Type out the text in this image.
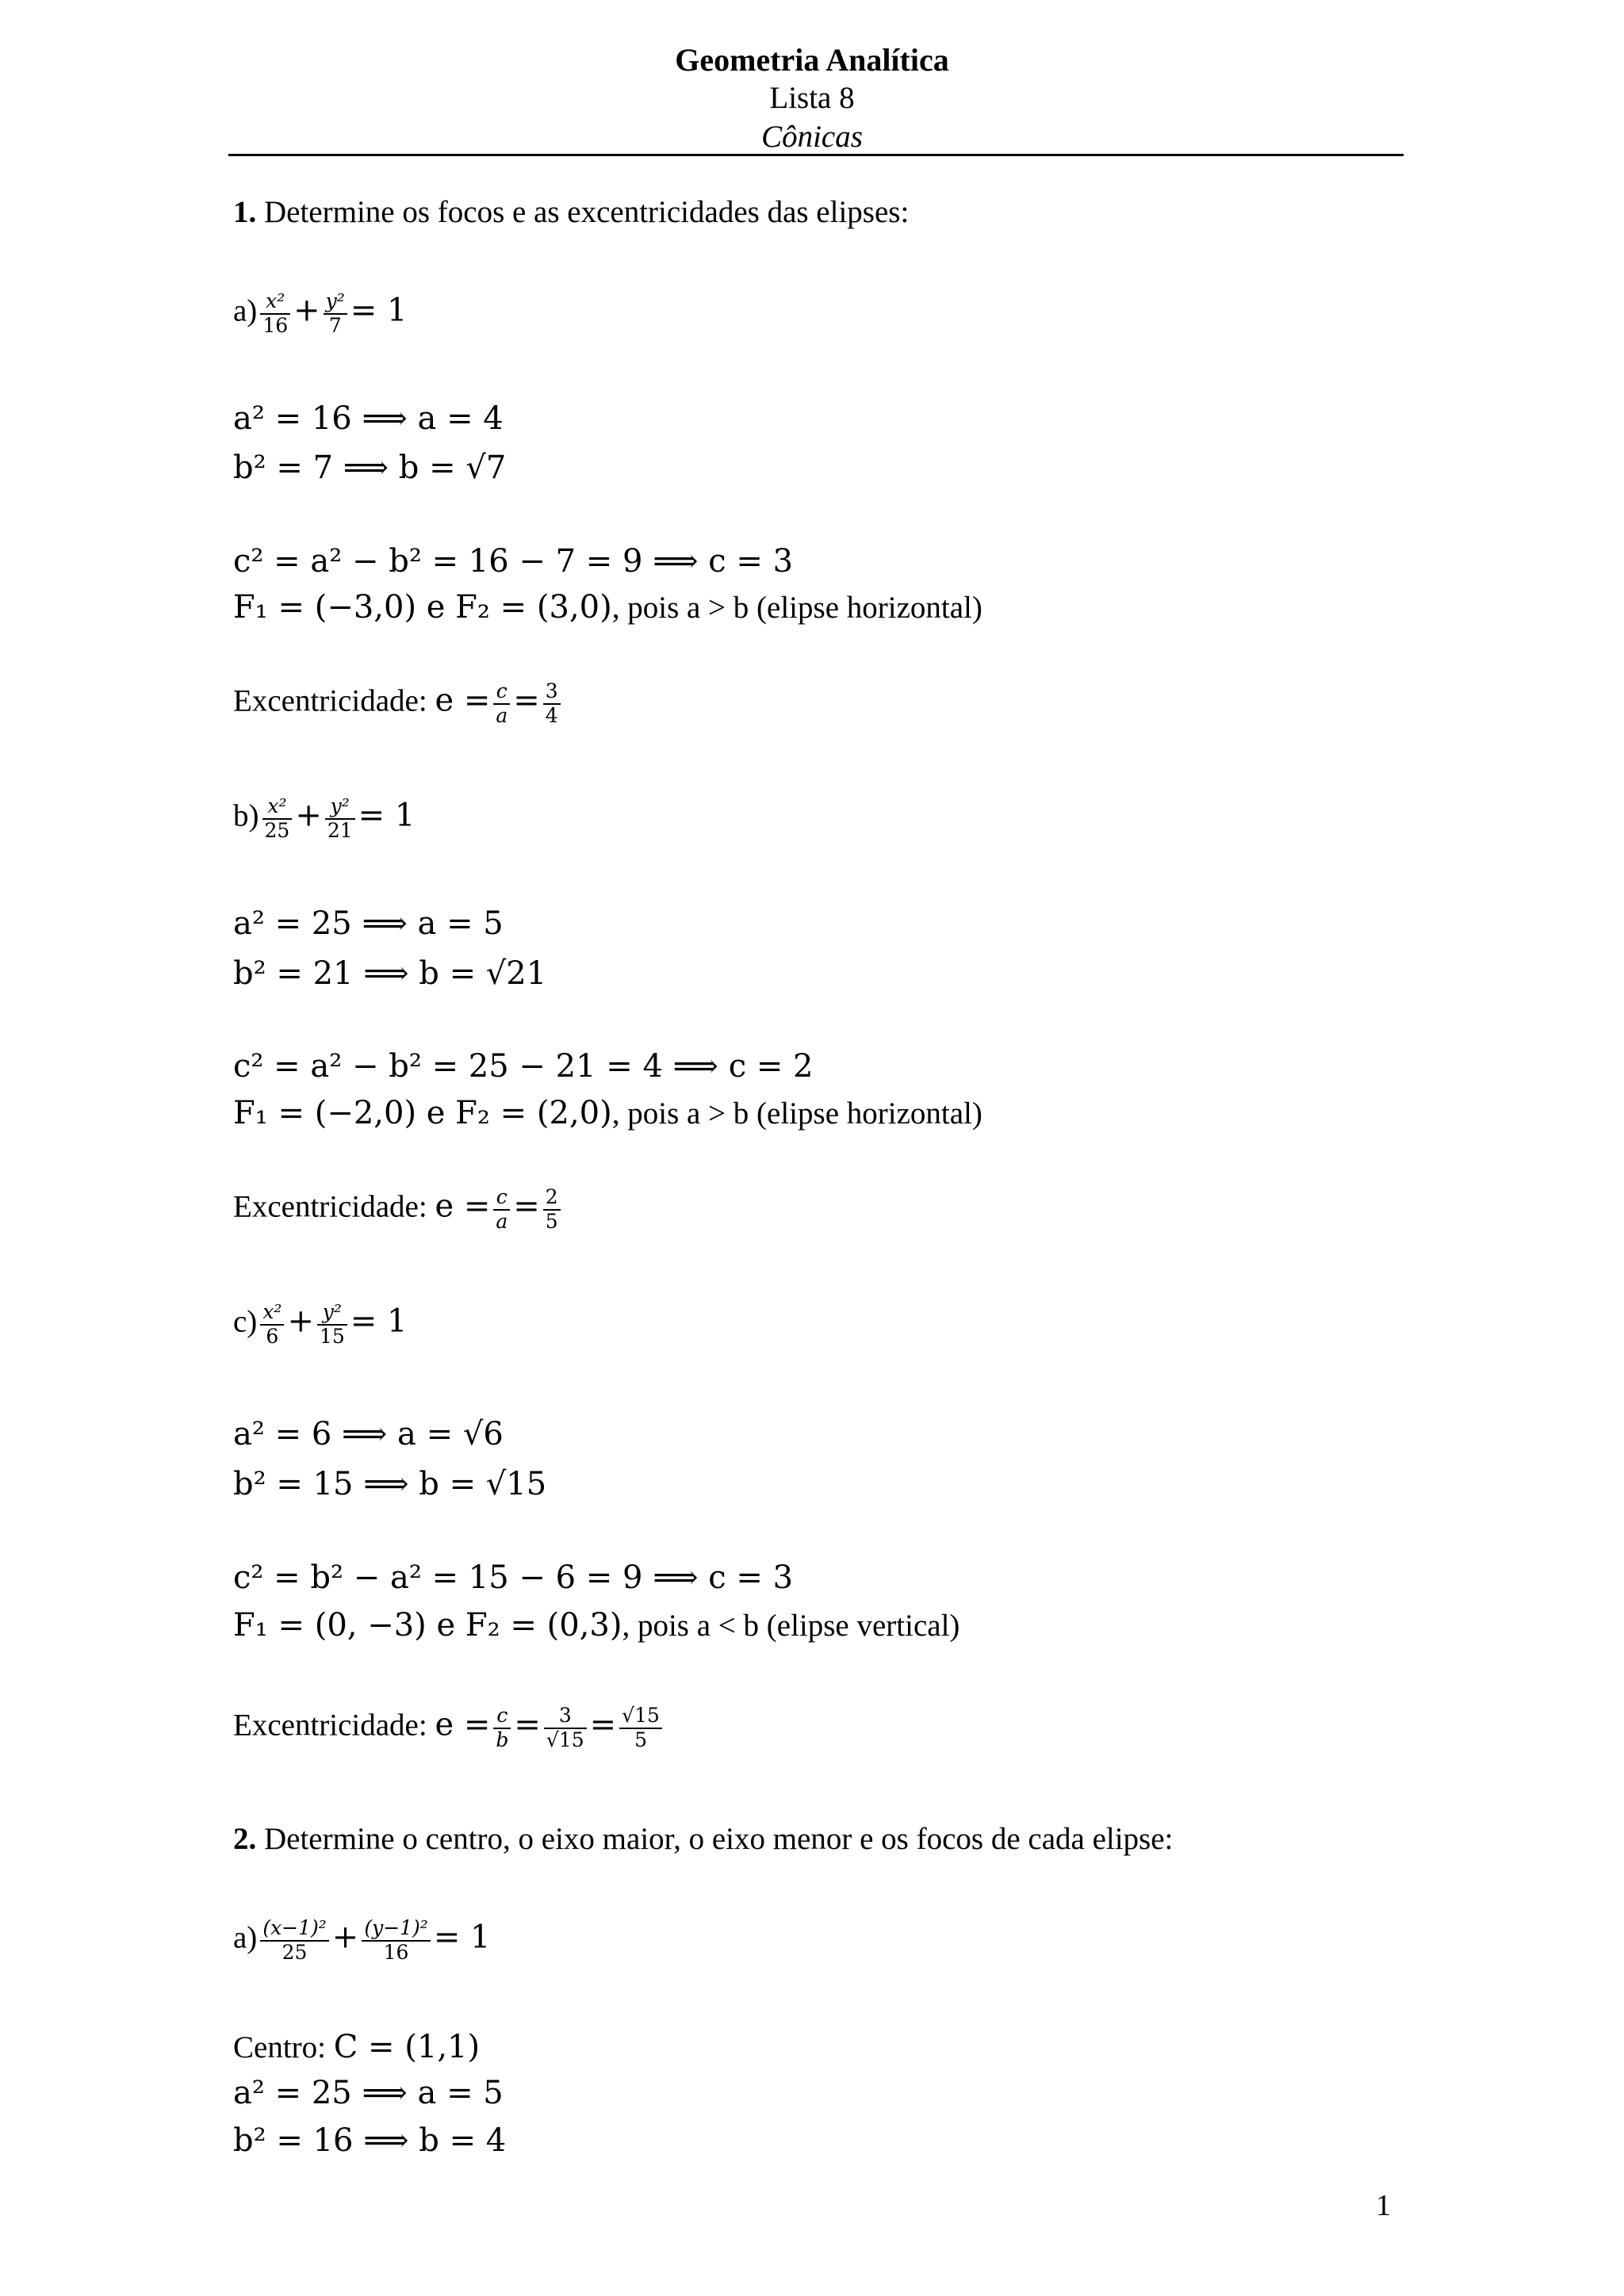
Geometria Analítica
Lista 8
Cônicas
1. Determine os focos e as excentricidades das elipses:
$a) \frac{\text{x²}}{16} + \frac{\text{y²}}{7} = 1$
a² = 16 ⟹ a = 4
b² = 7 ⟹ b = √7
c² = a² − b² = 16 − 7 = 9 ⟹ c = 3
F₁ = (−3,0) e F₂ = (3,0), pois a > b (elipse horizontal)
Excentricidade: $e = \frac{c}{a} = \frac{3}{4}$
$b) \frac{\text{x²}}{25} + \frac{\text{y²}}{21} = 1$
a² = 25 ⟹ a = 5
b² = 21 ⟹ b = √21
c² = a² − b² = 25 − 21 = 4 ⟹ c = 2
F₁ = (−2,0) e F₂ = (2,0), pois a > b (elipse horizontal)
Excentricidade: $e = \frac{c}{a} = \frac{2}{5}$
$c) \frac{\text{x²}}{6} + \frac{\text{y²}}{15} = 1$
a² = 6 ⟹ a = √6
b² = 15 ⟹ b = √15
c² = b² − a² = 15 − 6 = 9 ⟹ c = 3
F₁ = (0, −3) e F₂ = (0,3), pois a < b (elipse vertical)
Excentricidade: $e = \frac{c}{b} = \frac{3}{√15} = \frac{√15}{5}$
2. Determine o centro, o eixo maior, o eixo menor e os focos de cada elipse:
$a) \frac{\text{(x−1)²}}{25} + \frac{\text{(y−1)²}}{16} = 1$
Centro: C = (1,1)
a² = 25 ⟹ a = 5
b² = 16 ⟹ b = 4
1
